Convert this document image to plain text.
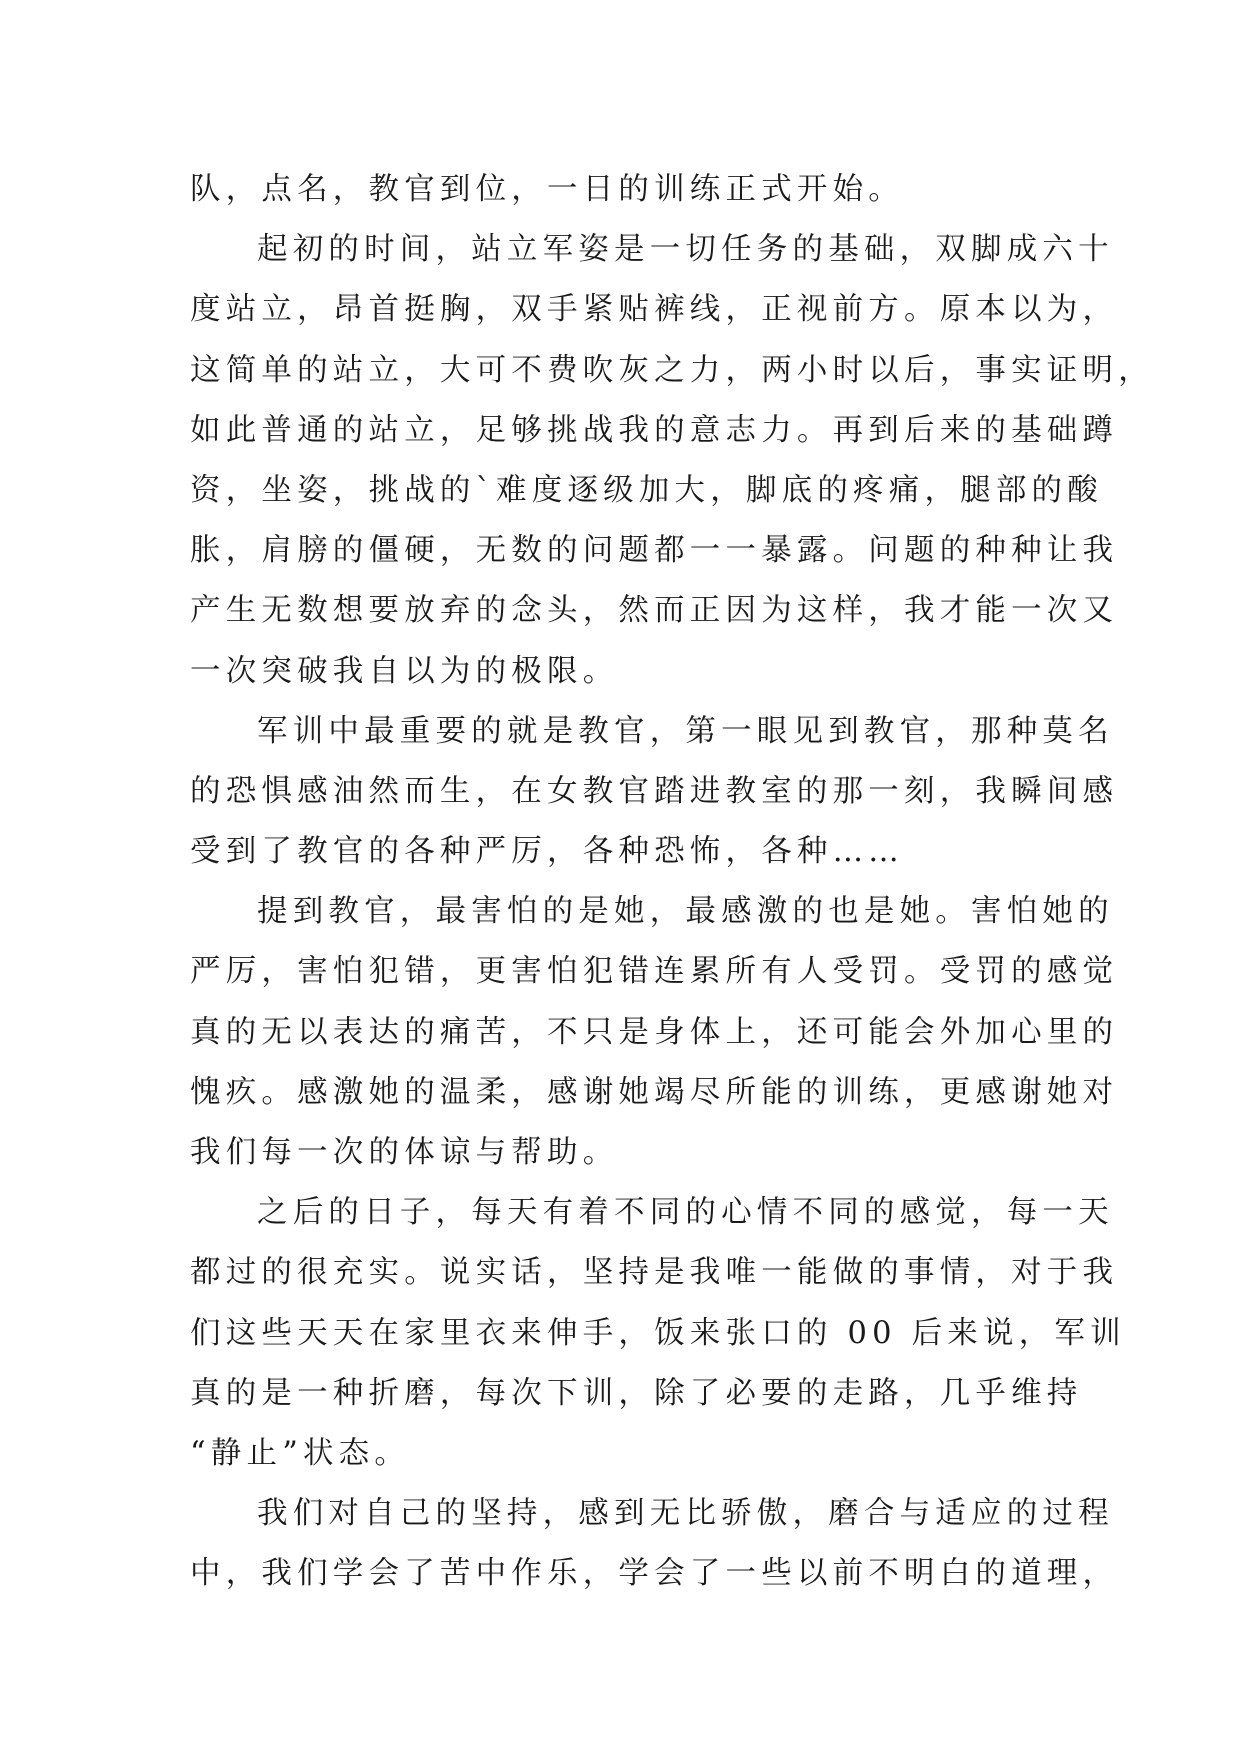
队，点名，教官到位，一日的训练正式开始。
起初的时间，站立军姿是一切任务的基础，双脚成六十
度站立，昂首挺胸，双手紧贴裤线，正视前方。原本以为，
这简单的站立，大可不费吹灰之力，两小时以后，事实证明，
如此普通的站立，足够挑战我的意志力。再到后来的基础蹲
资，坐姿，挑战的`难度逐级加大，脚底的疼痛，腿部的酸
胀，肩膀的僵硬，无数的问题都一一暴露。问题的种种让我
产生无数想要放弃的念头，然而正因为这样，我才能一次又
一次突破我自以为的极限。
军训中最重要的就是教官，第一眼见到教官，那种莫名
的恐惧感油然而生，在女教官踏进教室的那一刻，我瞬间感
受到了教官的各种严厉，各种恐怖，各种……
提到教官，最害怕的是她，最感激的也是她。害怕她的
严厉，害怕犯错，更害怕犯错连累所有人受罚。受罚的感觉
真的无以表达的痛苦，不只是身体上，还可能会外加心里的
愧疚。感激她的温柔，感谢她竭尽所能的训练，更感谢她对
我们每一次的体谅与帮助。
之后的日子，每天有着不同的心情不同的感觉，每一天
都过的很充实。说实话，坚持是我唯一能做的事情，对于我
们这些天天在家里衣来伸手，饭来张口的 00 后来说，军训
真的是一种折磨，每次下训，除了必要的走路，几乎维持
“静止”状态。
我们对自己的坚持，感到无比骄傲，磨合与适应的过程
中，我们学会了苦中作乐，学会了一些以前不明白的道理，
